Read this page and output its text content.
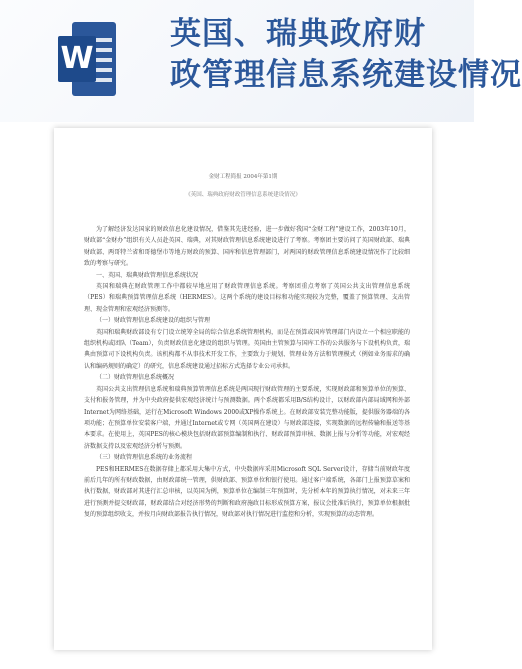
W
英国、瑞典政府财
政管理信息系统建设情况
金财工程简报 2004年第1期
《英国、瑞典政府财政管理信息系统建设情况》

为了解经济发达国家的财政信息化建设情况，借鉴其先进经验，进一步做好我国“金财工程”建设工作，2003年10月，财政部“金财办”组织有关人员赴英国、瑞典，对其财政管理信息系统建设进行了考察。考察团主要访问了英国财政部、瑞典财政部、两哥特兰省和哥德堡市等地方财政的预算、国库和信息管理部门，对两国的财政管理信息系统建设情况作了比较细致的考察与研究。

一、英国、瑞典财政管理信息系统状况

英国和瑞典在财政管理工作中都较早地应用了财政管理信息系统。考察团重点考察了英国公共支出管理信息系统（PES）和瑞典预算管理信息系统（HERMES）。这两个系统的建设目标和功能实现较为完整，覆盖了预算管理、支出管理、现金管理和宏观经济预测等。

（一）财政管理信息系统建设的组织与管理

英国和瑞典财政部设有专门设立统筹全局的综合信息系统管理机构，而是在预算或国库管理部门内设立一个相应职能的组织机构或团队（Team），负责财政信息化建设的组织与管理。英国由主管预算与国库工作的公共服务与下设机构负责，瑞典由预算司下设机构负责。该机构都不从事技术开发工作，主要致力于规划、管理业务方法和管理模式（例如业务需求的确认和编码规则的确定）的研究，信息系统建设通过招标方式选择专业公司承担。

（二）财政管理信息系统概况

英国公共支出管理信息系统和瑞典预算管理信息系统是两国现行财政管理的主要系统，实现财政部和预算单位的预算、支付和报务管理，并为中央政府提供宏观经济统计与预测数据。两个系统都采用B/S结构设计，以财政部内部局域网和外部Internet为网络基础，运行在Microsoft Windows 2000或XP操作系统上。在财政部安装完整功能版，提供服务器端的各项功能；在预算单位安装客户端，并通过Internet或专网（英国两在建设）与财政部连接，实现数据的远程传输和报送等基本要求。在使用上，英国PES的核心模块包括财政部预算编制和执行、财政部预算审核、数据上报与分析等功能，对宏观经济数据支持以及宏观经济分析与预测。

（三）财政管理信息系统的业务流程

PES和HERMES在数据存储上都采用大集中方式，中央数据库采用Microsoft SQL Server设计，存储当前财政年度前后几年的所有财政数据，由财政部统一管理，供财政部、预算单位和银行使用。通过客户端系统，各部门上报预算草案和执行数据，财政部对其进行汇总审核，以英国为例，预算单位在编制三年预算时，先分析本年的预算执行情况，对未来三年进行预测并提交财政部，财政部结合对经济形势的判断和政府施政目标形成预算方案，报议会批准后执行，预算单位根据批复的预算组织收支，并按月向财政部报告执行情况，财政部对执行情况进行监控和分析，实现预算的动态管理。
